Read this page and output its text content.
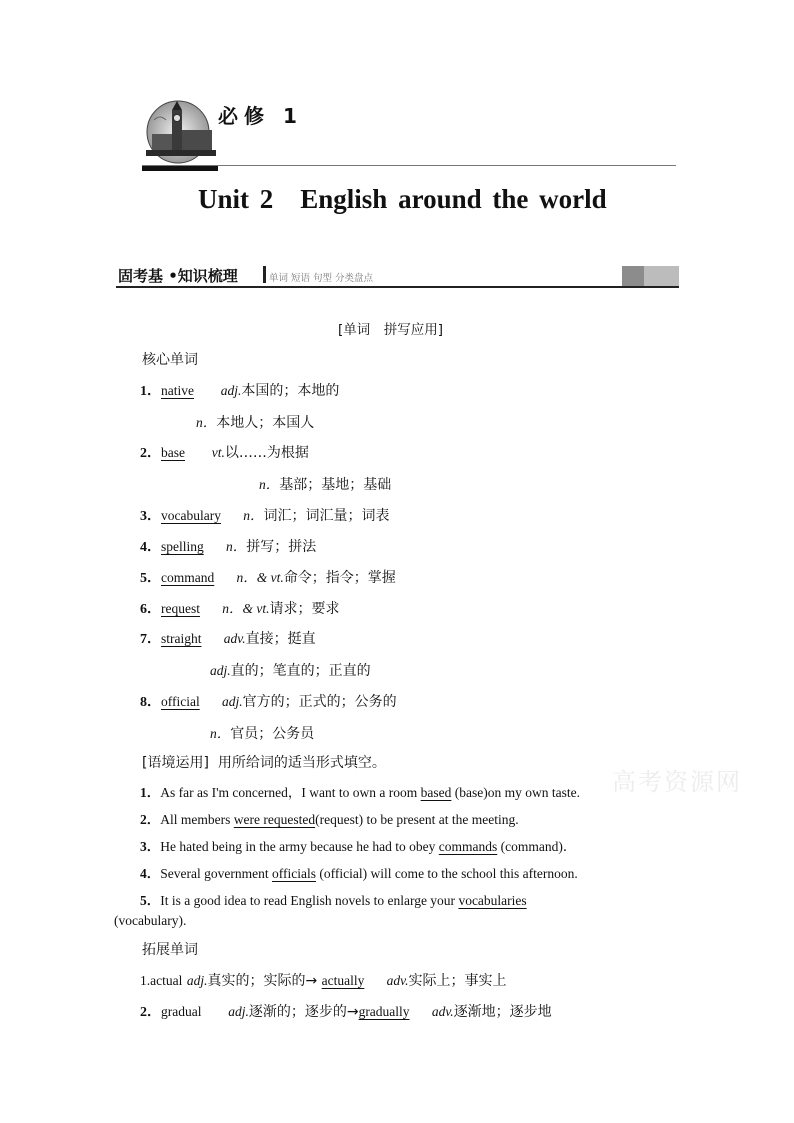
必修 1
Unit 2 English around the world
固考基 •知识梳理	单词 短语 句型 分类盘点
[单词　拼写应用]
核心单词
1．native adj.本国的；本地的
n．本地人；本国人
2．base vt.以……为根据
n．基部；基地；基础
3．vocabulary n．词汇；词汇量；词表
4．spelling n．拼写；拼法
5．command n．& vt.命令；指令；掌握
6．request n．& vt.请求；要求
7．straight adv.直接；挺直
adj.直的；笔直的；正直的
8．official adj.官方的；正式的；公务的
n．官员；公务员
[语境运用] 用所给词的适当形式填空。
1．As far as I'm concerned，I want to own a room based (base)on my own taste.
2．All members were requested(request) to be present at the meeting.
3．He hated being in the army because he had to obey commands (command)．
4．Several government officials (official) will come to the school this afternoon.
5．It is a good idea to read English novels to enlarge your vocabularies
(vocabulary).
拓展单词
1.actual adj.真实的；实际的→ actually adv.实际上；事实上
2．gradual adj.逐渐的；逐步的→gradually adv.逐渐地；逐步地
高考资源网
